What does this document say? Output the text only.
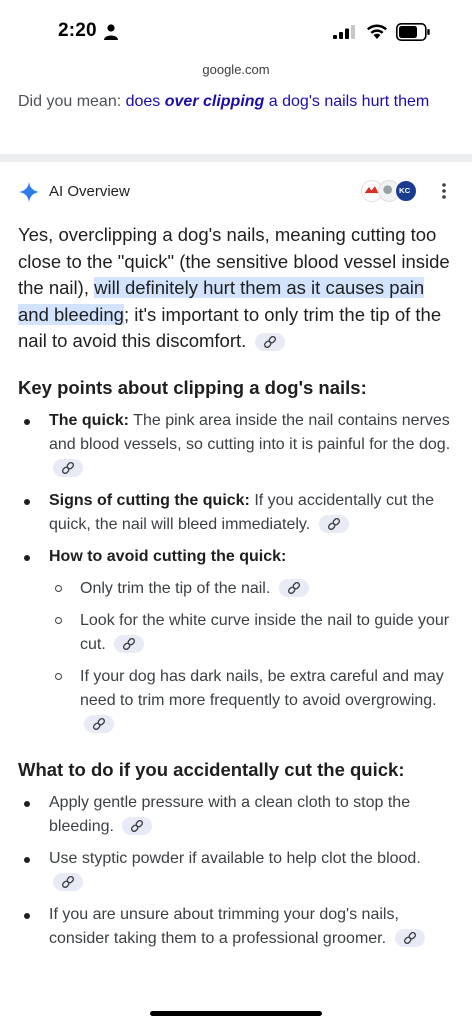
2:20
google.com
Did you mean: does over clipping a dog's nails hurt them
AI Overview	KC

Yes, overclipping a dog's nails, meaning cutting too close to the "quick" (the sensitive blood vessel inside the nail), will definitely hurt them as it causes pain and bleeding; it's important to only trim the tip of the nail to avoid this discomfort.

Key points about clipping a dog's nails:
The quick: The pink area inside the nail contains nerves and blood vessels, so cutting into it is painful for the dog.
Signs of cutting the quick: If you accidentally cut the quick, the nail will bleed immediately.
How to avoid cutting the quick:
Only trim the tip of the nail.
Look for the white curve inside the nail to guide your cut.
If your dog has dark nails, be extra careful and may need to trim more frequently to avoid overgrowing.
What to do if you accidentally cut the quick:
Apply gentle pressure with a clean cloth to stop the bleeding.
Use styptic powder if available to help clot the blood.
If you are unsure about trimming your dog's nails, consider taking them to a professional groomer.
